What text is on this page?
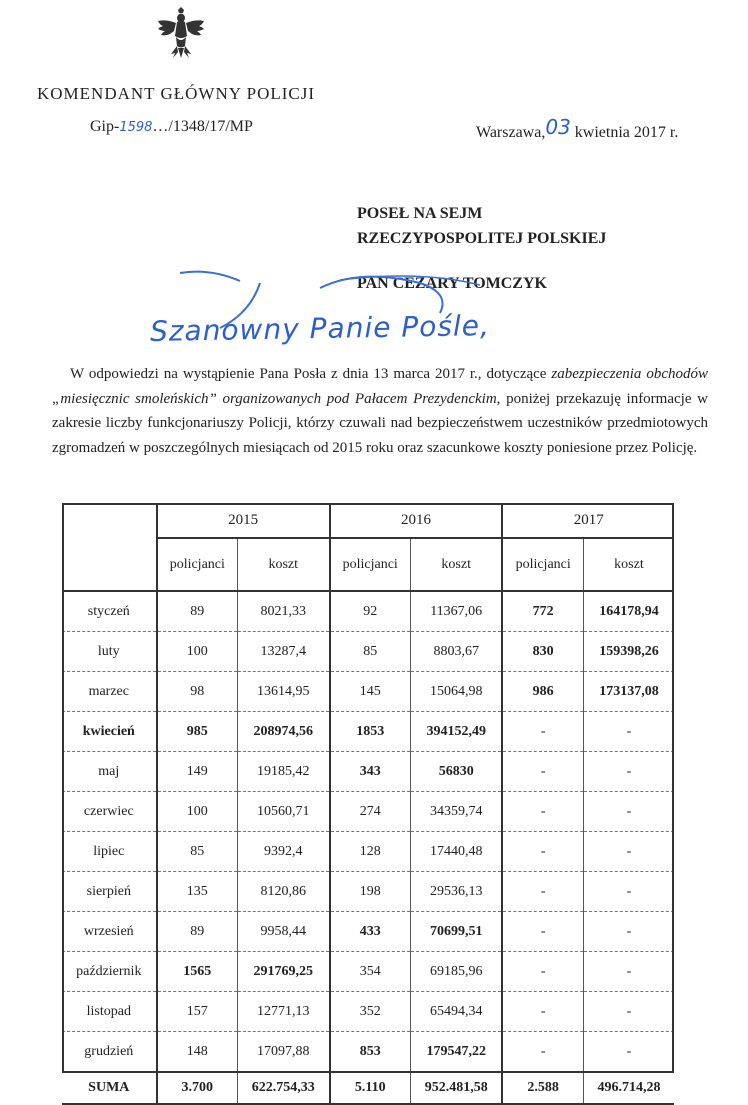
KOMENDANT GŁÓWNY POLICJI
Gip-1598…/1348/17/MP	Warszawa,03 kwietnia 2017 r.
POSEŁ NA SEJM
RZECZYPOSPOLITEJ POLSKIEJ
PAN CEZARY TOMCZYK
Szanowny Panie Pośle,
W odpowiedzi na wystąpienie Pana Posła z dnia 13 marca 2017 r., dotyczące zabezpieczenia obchodów „miesięcznic smoleńskich” organizowanych pod Pałacem Prezydenckim, poniżej przekazuję informacje w zakresie liczby funkcjonariuszy Policji, którzy czuwali nad bezpieczeństwem uczestników przedmiotowych zgromadzeń w poszczególnych miesiącach od 2015 roku oraz szacunkowe koszty poniesione przez Policję.
	2015		2016		2017	
	policjanci	koszt	policjanci	koszt	policjanci	koszt
styczeń	89	8021,33	92	11367,06	772	164178,94
luty	100	13287,4	85	8803,67	830	159398,26
marzec	98	13614,95	145	15064,98	986	173137,08
kwiecień	985	208974,56	1853	394152,49	-	-
maj	149	19185,42	343	56830	-	-
czerwiec	100	10560,71	274	34359,74	-	-
lipiec	85	9392,4	128	17440,48	-	-
sierpień	135	8120,86	198	29536,13	-	-
wrzesień	89	9958,44	433	70699,51	-	-
październik	1565	291769,25	354	69185,96	-	-
listopad	157	12771,13	352	65494,34	-	-
grudzień	148	17097,88	853	179547,22	-	-
SUMA	3.700	622.754,33	5.110	952.481,58	2.588	496.714,28
